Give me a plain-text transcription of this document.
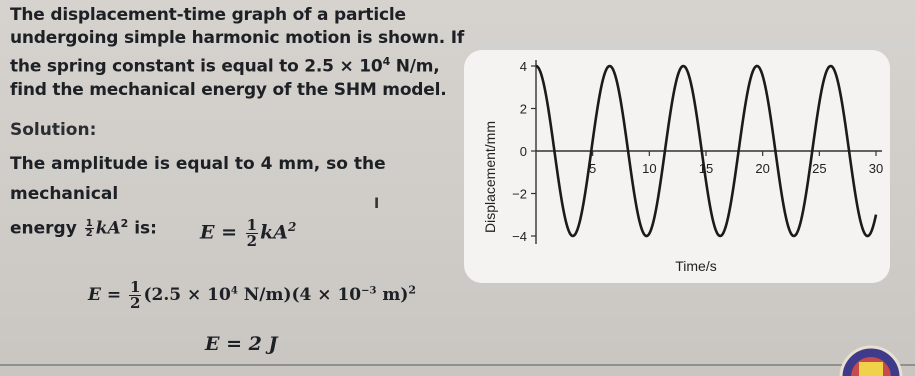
The displacement-time graph of a particle undergoing simple harmonic motion is shown. If the spring constant is equal to $2.5 \times 10^4$ N/m, find the mechanical energy of the SHM model.
Solution:
The amplitude is equal to 4 mm, so the mechanical
energy $\frac{1}{2} kA^2$ is:
I
$E = \frac{1}{2} kA^2$
$E = \frac{1}{2} (2.5 \times 10^4$ $N/m)(4 \times 10^{-3}$ m)$^2$
E = 2 J
4
2
0
−2
−4
5	10	15	20	25	30
Time/s
Displacement/mm
